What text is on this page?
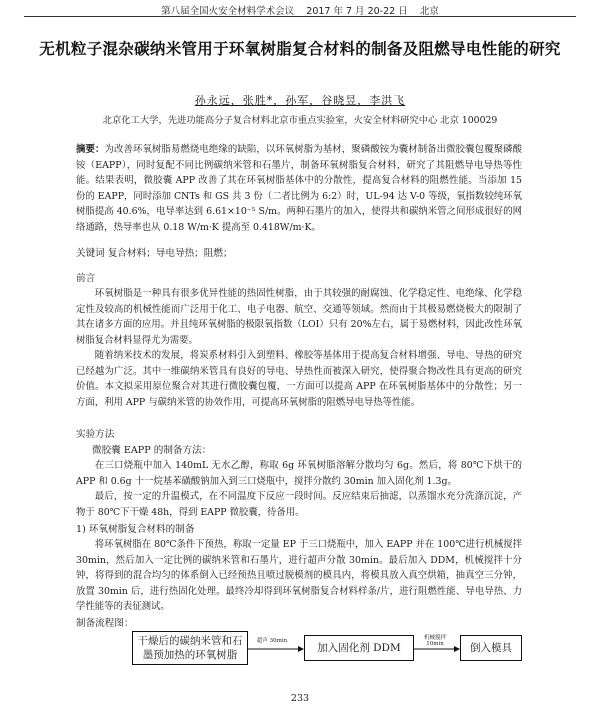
第八届全国火安全材料学术会议 2017 年 7 月 20-22 日 北京
无机粒子混杂碳纳米管用于环氧树脂复合材料的制备及阻燃导电性能的研究
孙永远，张胜*，孙军，谷晓昱，李洪飞
北京化工大学，先进功能高分子复合材料北京市重点实验室，火安全材料研究中心 北京 100029

摘要：为改善环氧树脂易燃烧电绝缘的缺陷，以环氧树脂为基材，聚磷酸铵为囊材制备出微胶囊包覆聚磷酸铵（EAPP），同时复配不同比例碳纳米管和石墨片，制备环氧树脂复合材料，研究了其阻燃导电导热等性能。结果表明，微胶囊 APP 改善了其在环氧树脂基体中的分散性，提高复合材料的阻燃性能。当添加 15 份的 EAPP，同时添加 CNTs 和 GS 共 3 份（二者比例为 6:2）时，UL-94 达 V-0 等级，氧指数较纯环氧树脂提高 40.6%，电导率达到 6.61×10⁻⁵ S/m。两种石墨片的加入，使得共和碳纳米管之间形成很好的网络通路，热导率也从 0.18 W/m·K 提高至 0.418W/m·K。

关键词 复合材料；导电导热；阻燃；
前言

环氧树脂是一种具有很多优异性能的热固性树脂，由于其较强的耐腐蚀、化学稳定性、电绝缘、化学稳定性及较高的机械性能而广泛用于化工、电子电器、航空、交通等领域。然而由于其极易燃烧极大的限制了其在诸多方面的应用。并且纯环氧树脂的极限氧指数（LOI）只有 20%左右，属于易燃材料，因此改性环氧树脂复合材料显得尤为需要。

随着纳米技术的发展，将炭系材料引入到塑料、橡胶等基体用于提高复合材料增强、导电、导热的研究已经越为广泛。其中一维碳纳米管具有良好的导电、导热性而被深入研究，使得聚合物改性具有更高的研究价值。本文拟采用原位聚合对其进行微胶囊包覆，一方面可以提高 APP 在环氧树脂基体中的分散性；另一方面，利用 APP 与碳纳米管的协效作用，可提高环氧树脂的阻燃导电导热等性能。

实验方法
微胶囊 EAPP 的制备方法：

在三口烧瓶中加入 140mL 无水乙醇，称取 6g 环氧树脂溶解分散均匀 6g。然后，将 80℃下烘干的 APP 和 0.6g 十一烷基苯磺酸钠加入到三口烧瓶中，搅拌分散约 30min 加入固化剂 1.3g。

最后，按一定的升温模式，在不同温度下反应一段时间。反应结束后抽滤，以蒸馏水充分洗涤沉淀，产物于 80℃下干燥 48h，得到 EAPP 微胶囊，待备用。

1) 环氧树脂复合材料的制备

将环氧树脂在 80℃条件下预热，称取一定量 EP 于三口烧瓶中，加入 EAPP 并在 100℃进行机械搅拌 30min，然后加入一定比例的碳纳米管和石墨片，进行超声分散 30min。最后加入 DDM，机械搅拌十分钟，将得到的混合均匀的体系倒入已经预热且喷过脱模剂的模具内，将模具放入真空烘箱，抽真空三分钟，放置 30min 后，进行热固化处理。最终冷却得到环氧树脂复合材料样条/片，进行阻燃性能、导电导热、力学性能等的表征测试。

制备流程图：
干燥后的碳纳米管和石墨预加热的环氧树脂
超声 30min
加入固化剂 DDM
机械搅拌 10min	倒入模具
233
